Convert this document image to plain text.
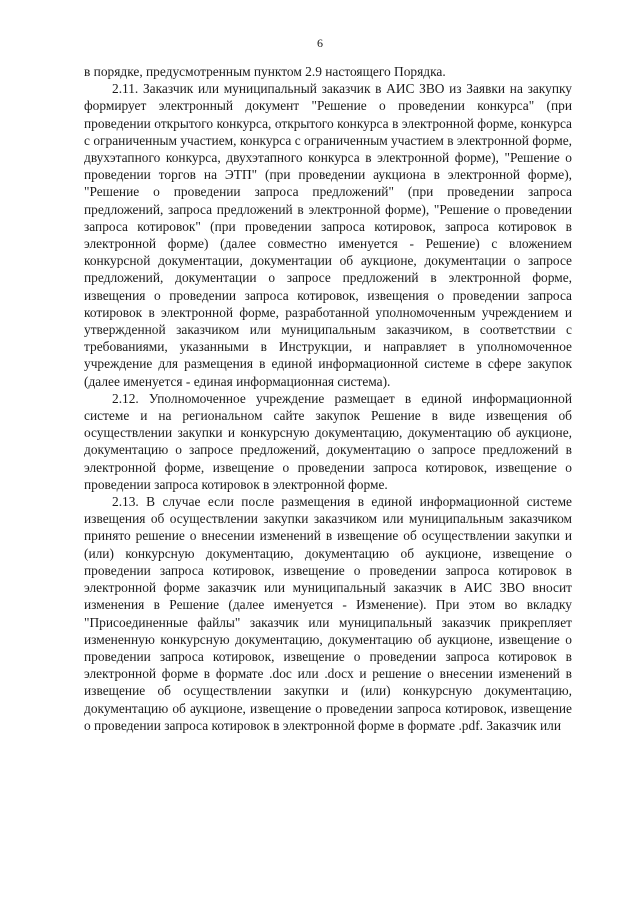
6

в порядке, предусмотренным пунктом 2.9 настоящего Порядка.

2.11. Заказчик или муниципальный заказчик в АИС ЗВО из Заявки на закупку формирует электронный документ "Решение о проведении конкурса" (при проведении открытого конкурса, открытого конкурса в электронной форме, конкурса с ограниченным участием, конкурса с ограниченным участием в электронной форме, двухэтапного конкурса, двухэтапного конкурса в электронной форме), "Решение о проведении торгов на ЭТП" (при проведении аукциона в электронной форме), "Решение о проведении запроса предложений" (при проведении запроса предложений, запроса предложений в электронной форме), "Решение о проведении запроса котировок" (при проведении запроса котировок, запроса котировок в электронной форме) (далее совместно именуется - Решение) с вложением конкурсной документации, документации об аукционе, документации о запросе предложений, документации о запросе предложений в электронной форме, извещения о проведении запроса котировок, извещения о проведении запроса котировок в электронной форме, разработанной уполномоченным учреждением и утвержденной заказчиком или муниципальным заказчиком, в соответствии с требованиями, указанными в Инструкции, и направляет в уполномоченное учреждение для размещения в единой информационной системе в сфере закупок (далее именуется - единая информационная система).

2.12. Уполномоченное учреждение размещает в единой информационной системе и на региональном сайте закупок Решение в виде извещения об осуществлении закупки и конкурсную документацию, документацию об аукционе, документацию о запросе предложений, документацию о запросе предложений в электронной форме, извещение о проведении запроса котировок, извещение о проведении запроса котировок в электронной форме.

2.13. В случае если после размещения в единой информационной системе извещения об осуществлении закупки заказчиком или муниципальным заказчиком принято решение о внесении изменений в извещение об осуществлении закупки и (или) конкурсную документацию, документацию об аукционе, извещение о проведении запроса котировок, извещение о проведении запроса котировок в электронной форме заказчик или муниципальный заказчик в АИС ЗВО вносит изменения в Решение (далее именуется - Изменение). При этом во вкладку "Присоединенные файлы" заказчик или муниципальный заказчик прикрепляет измененную конкурсную документацию, документацию об аукционе, извещение о проведении запроса котировок, извещение о проведении запроса котировок в электронной форме в формате .doc или .docx и решение о внесении изменений в извещение об осуществлении закупки и (или) конкурсную документацию, документацию об аукционе, извещение о проведении запроса котировок, извещение о проведении запроса котировок в электронной форме в формате .pdf. Заказчик или
